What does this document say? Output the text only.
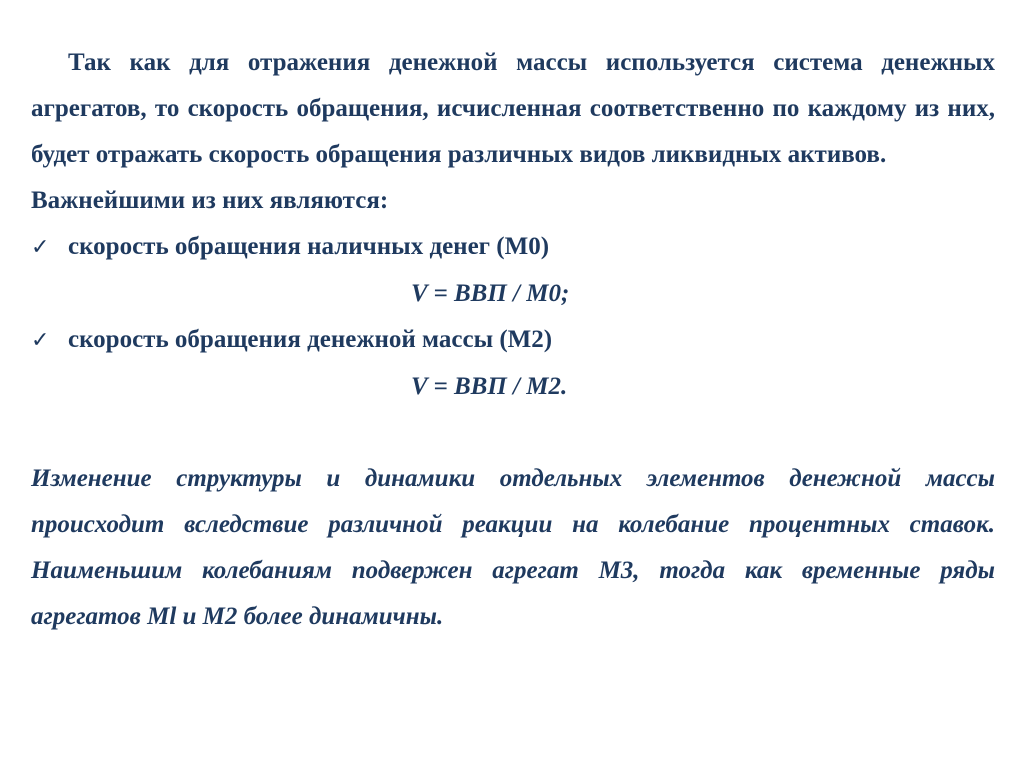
Так как для отражения денежной массы используется система денежных агрегатов, то скорость обращения, исчисленная соответственно по каждому из них, будет отражать скорость обращения различных видов ликвидных активов.

Важнейшими из них являются:

✓ скорость обращения наличных денег (М0)

V = ВВП / М0;

✓ скорость обращения денежной массы (М2)

V = ВВП / М2.

Изменение структуры и динамики отдельных элементов денежной массы происходит вследствие различной реакции на колебание процентных ставок. Наименьшим колебаниям подвержен агрегат М3, тогда как временные ряды агрегатов Ml и М2 более динамичны.
